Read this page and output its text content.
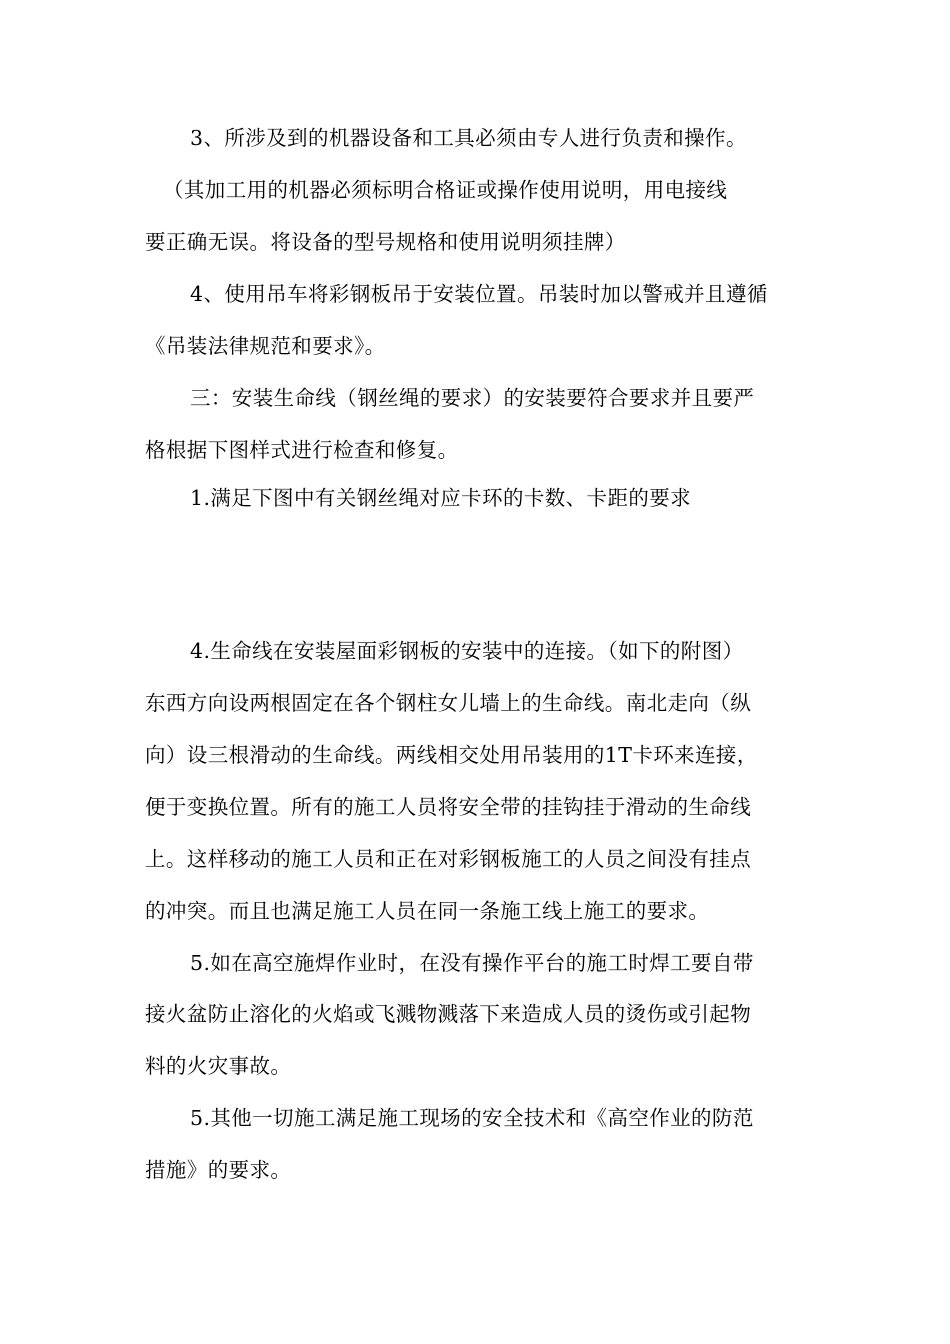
3、所涉及到的机器设备和工具必须由专人进行负责和操作。
（其加工用的机器必须标明合格证或操作使用说明，用电接线
要正确无误。将设备的型号规格和使用说明须挂牌）
4、使用吊车将彩钢板吊于安装位置。吊装时加以警戒并且遵循
《吊装法律规范和要求》。
三：安装生命线（钢丝绳的要求）的安装要符合要求并且要严
格根据下图样式进行检查和修复。
1.满足下图中有关钢丝绳对应卡环的卡数、卡距的要求
4.生命线在安装屋面彩钢板的安装中的连接。（如下的附图）
东西方向设两根固定在各个钢柱女儿墙上的生命线。南北走向（纵
向）设三根滑动的生命线。两线相交处用吊装用的1T卡环来连接，
便于变换位置。所有的施工人员将安全带的挂钩挂于滑动的生命线
上。这样移动的施工人员和正在对彩钢板施工的人员之间没有挂点
的冲突。而且也满足施工人员在同一条施工线上施工的要求。
5.如在高空施焊作业时，在没有操作平台的施工时焊工要自带
接火盆防止溶化的火焰或飞溅物溅落下来造成人员的烫伤或引起物
料的火灾事故。
5.其他一切施工满足施工现场的安全技术和《高空作业的防范
措施》的要求。
